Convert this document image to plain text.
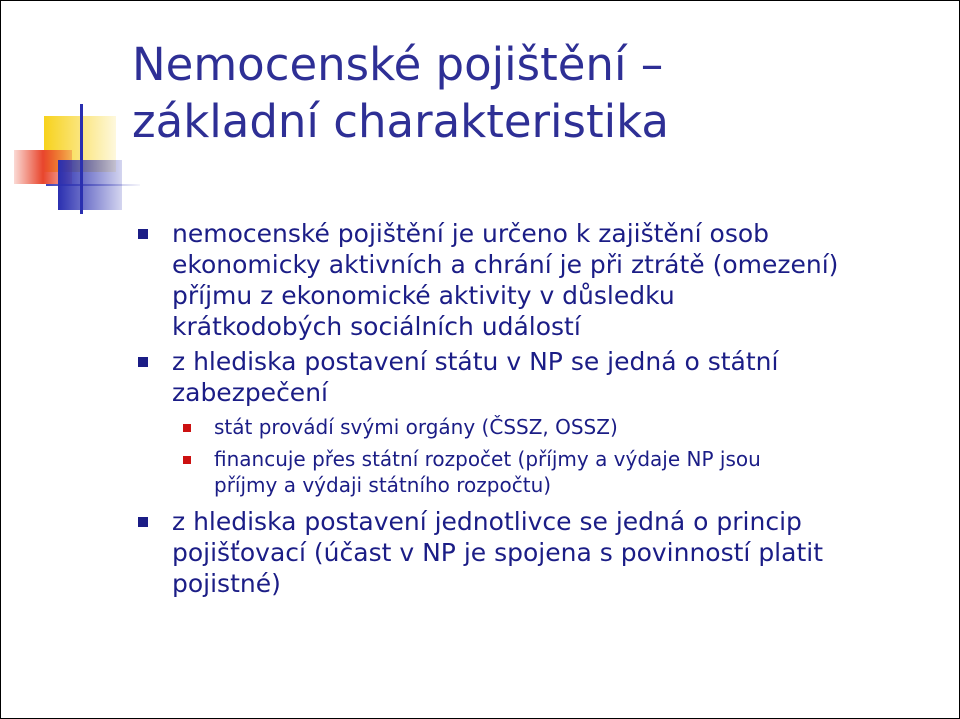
Nemocenské pojištění –
základní charakteristika
nemocenské pojištění je určeno k zajištění osob
ekonomicky aktivních a chrání je při ztrátě (omezení)
příjmu z ekonomické aktivity v důsledku
krátkodobých sociálních událostí
z hlediska postavení státu v NP se jedná o státní
zabezpečení
stát provádí svými orgány (ČSSZ, OSSZ)
financuje přes státní rozpočet (příjmy a výdaje NP jsou
příjmy a výdaji státního rozpočtu)
z hlediska postavení jednotlivce se jedná o princip
pojišťovací (účast v NP je spojena s povinností platit
pojistné)
